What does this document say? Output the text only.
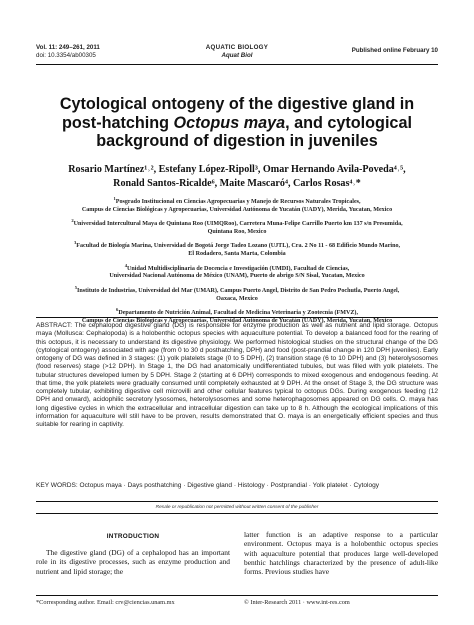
Vol. 11: 249–261, 2011
doi: 10.3354/ab00305
AQUATIC BIOLOGY
Aquat Biol
Published online February 10
Cytological ontogeny of the digestive gland in
post-hatching Octopus maya, and cytological
background of digestion in juveniles
Rosario Martínez¹˒², Estefany López-Ripoll³, Omar Hernando Avila-Poveda⁴˒⁵,
Ronald Santos-Ricalde⁶, Maite Mascaró⁴, Carlos Rosas⁴˒*
$^1$Posgrado Institucional en Ciencias Agropecuarias y Manejo de Recursos Naturales Tropicales,
Campus de Ciencias Biológicas y Agropecuarias, Universidad Autónoma de Yucatán (UADY), Merida, Yucatan, Mexico
$^2$Universidad Intercultural Maya de Quintana Roo (UIMQRoo), Carretera Muna-Felipe Carrillo Puerto km 137 s/n Presumida,
Quintana Roo, Mexico
$^3$Facultad de Biología Marina, Universidad de Bogotá Jorge Tadeo Lozano (UJTL), Cra. 2 No 11 - 68 Edificio Mundo Marino,
El Rodadero, Santa Marta, Colombia
$^4$Unidad Multidisciplinaria de Docencia e Investigación (UMDI), Facultad de Ciencias,
Universidad Nacional Autónoma de México (UNAM), Puerto de abrigo S/N Sisal, Yucatan, Mexico
$^5$Instituto de Industrias, Universidad del Mar (UMAR), Campus Puerto Angel, Distrito de San Pedro Pochutla, Puerto Angel,
Oaxaca, Mexico
$^6$Departamento de Nutrición Animal, Facultad de Medicina Veterinaria y Zootecnia (FMVZ),
Campus de Ciencias Biológicas y Agropecuarias, Universidad Autónoma de Yucatán (UADY), Merida, Yucatan, Mexico
ABSTRACT: The cephalopod digestive gland (DG) is responsible for enzyme production as well as nutrient and lipid storage. Octopus maya (Mollusca: Cephalopoda) is a holobenthic octopus species with aquaculture potential. To develop a balanced food for the rearing of this octopus, it is necessary to understand its digestive physiology. We performed histological studies on the structural change of the DG (cytological ontogeny) associated with age (from 0 to 30 d posthatching, DPH) and food (post-prandial change in 120 DPH juveniles). Early ontogeny of DG was defined in 3 stages: (1) yolk platelets stage (0 to 5 DPH), (2) transition stage (6 to 10 DPH) and (3) heterolysosomes (food reserves) stage (>12 DPH). In Stage 1, the DG had anatomically undifferentiated tubules, but was filled with yolk platelets. The tubular structures developed lumen by 5 DPH. Stage 2 (starting at 6 DPH) corresponds to mixed exogenous and endogenous feeding. At that time, the yolk platelets were gradually consumed until completely exhausted at 9 DPH. At the onset of Stage 3, the DG structure was completely tubular, exhibiting digestive cell microvilli and other cellular features typical to octopus DGs. During exogenous feeding (12 DPH and onward), acidophilic secretory lysosomes, heterolysosomes and some heterophagosomes appeared on DG cells. O. maya has long digestive cycles in which the extracellular and intracellular digestion can take up to 8 h. Although the ecological implications of this information for aquaculture will still have to be proven, results demonstrated that O. maya is an energetically efficient species and thus suitable for rearing in captivity.
KEY WORDS: Octopus maya · Days posthatching · Digestive gland · Histology · Postprandial · Yolk platelet · Cytology
Resale or republication not permitted without written consent of the publisher
INTRODUCTION
The digestive gland (DG) of a cephalopod has an important role in its digestive processes, such as enzyme production and nutrient and lipid storage; the
latter function is an adaptive response to a particular environment. Octopus maya is a holobenthic octopus species with aquaculture potential that produces large well-developed benthic hatchlings characterized by the presence of adult-like forms. Previous studies have
*Corresponding author. Email: crv@ciencias.unam.mx	© Inter-Research 2011 · www.int-res.com
